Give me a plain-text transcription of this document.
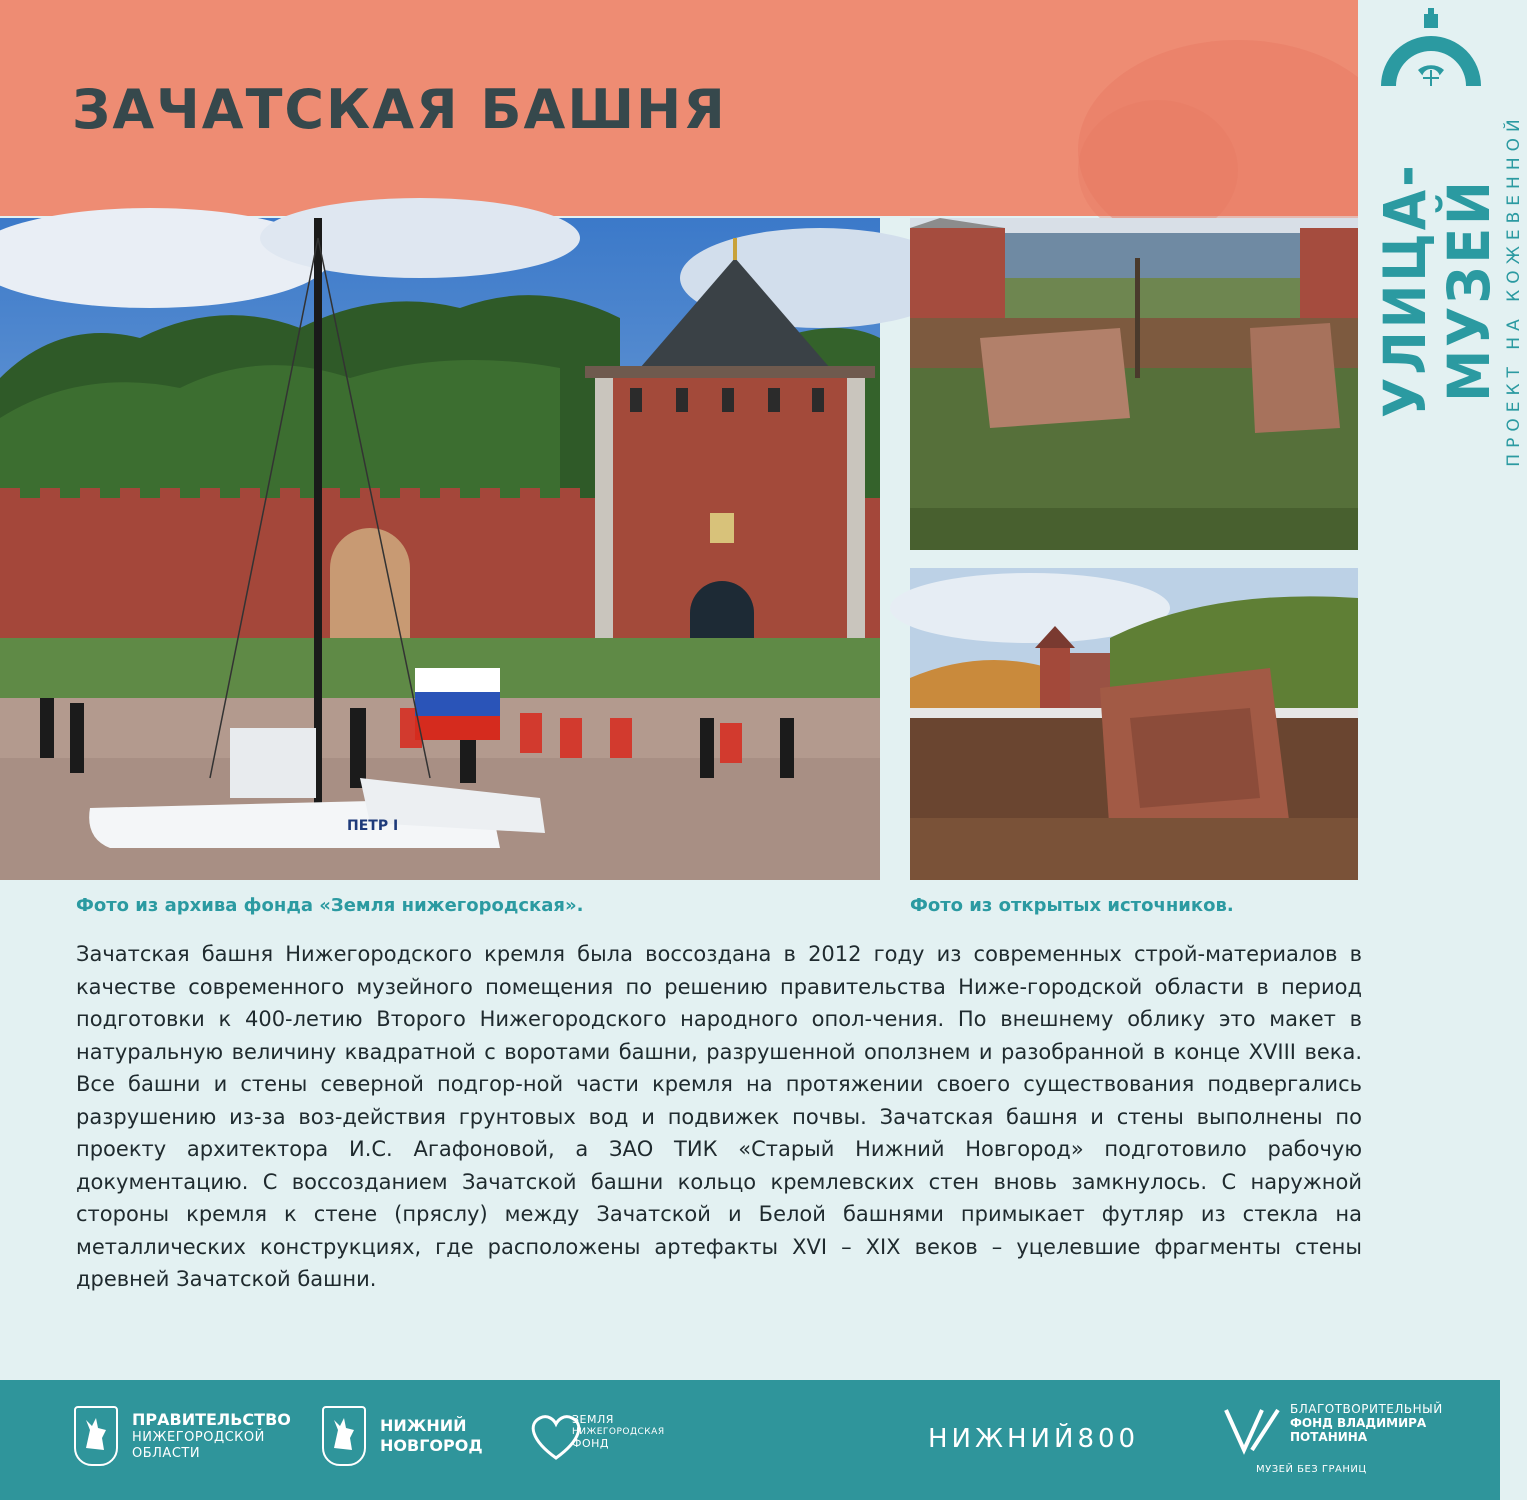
ЗАЧАТСКАЯ БАШНЯ
УЛИЦА-МУЗЕЙ ПРОЕКТ НА КОЖЕВЕННОЙ
ПЕТР I
Фото из архива фонда «Земля нижегородская».	Фото из открытых источников.

Зачатская башня Нижегородского кремля была воссоздана в 2012 году из современных строй-материалов в качестве современного музейного помещения по решению правительства Ниже-городской области в период подготовки к 400-летию Второго Нижегородского народного опол-чения. По внешнему облику это макет в натуральную величину квадратной с воротами башни, разрушенной оползнем и разобранной в конце XVIII века. Все башни и стены северной подгор-ной части кремля на протяжении своего существования подвергались разрушению из-за воз-действия грунтовых вод и подвижек почвы. Зачатская башня и стены выполнены по проекту архитектора И.С. Агафоновой, а ЗАО ТИК «Старый Нижний Новгород» подготовило рабочую документацию. С воссозданием Зачатской башни кольцо кремлевских стен вновь замкнулось. С наружной стороны кремля к стене (пряслу) между Зачатской и Белой башнями примыкает футляр из стекла на металлических конструкциях, где расположены артефакты XVI – XIX веков – уцелевшие фрагменты стены древней Зачатской башни.

ПРАВИТЕЛЬСТВО
НИЖЕГОРОДСКОЙ
ОБЛАСТИ
НИЖНИЙ
НОВГОРОД
ЗЕМЛЯ
НИЖЕГОРОДСКАЯ
ФОНД	НИЖНИЙ800
БЛАГОТВОРИТЕЛЬНЫЙ
ФОНД ВЛАДИМИРА
ПОТАНИНА
МУЗЕЙ БЕЗ ГРАНИЦ
